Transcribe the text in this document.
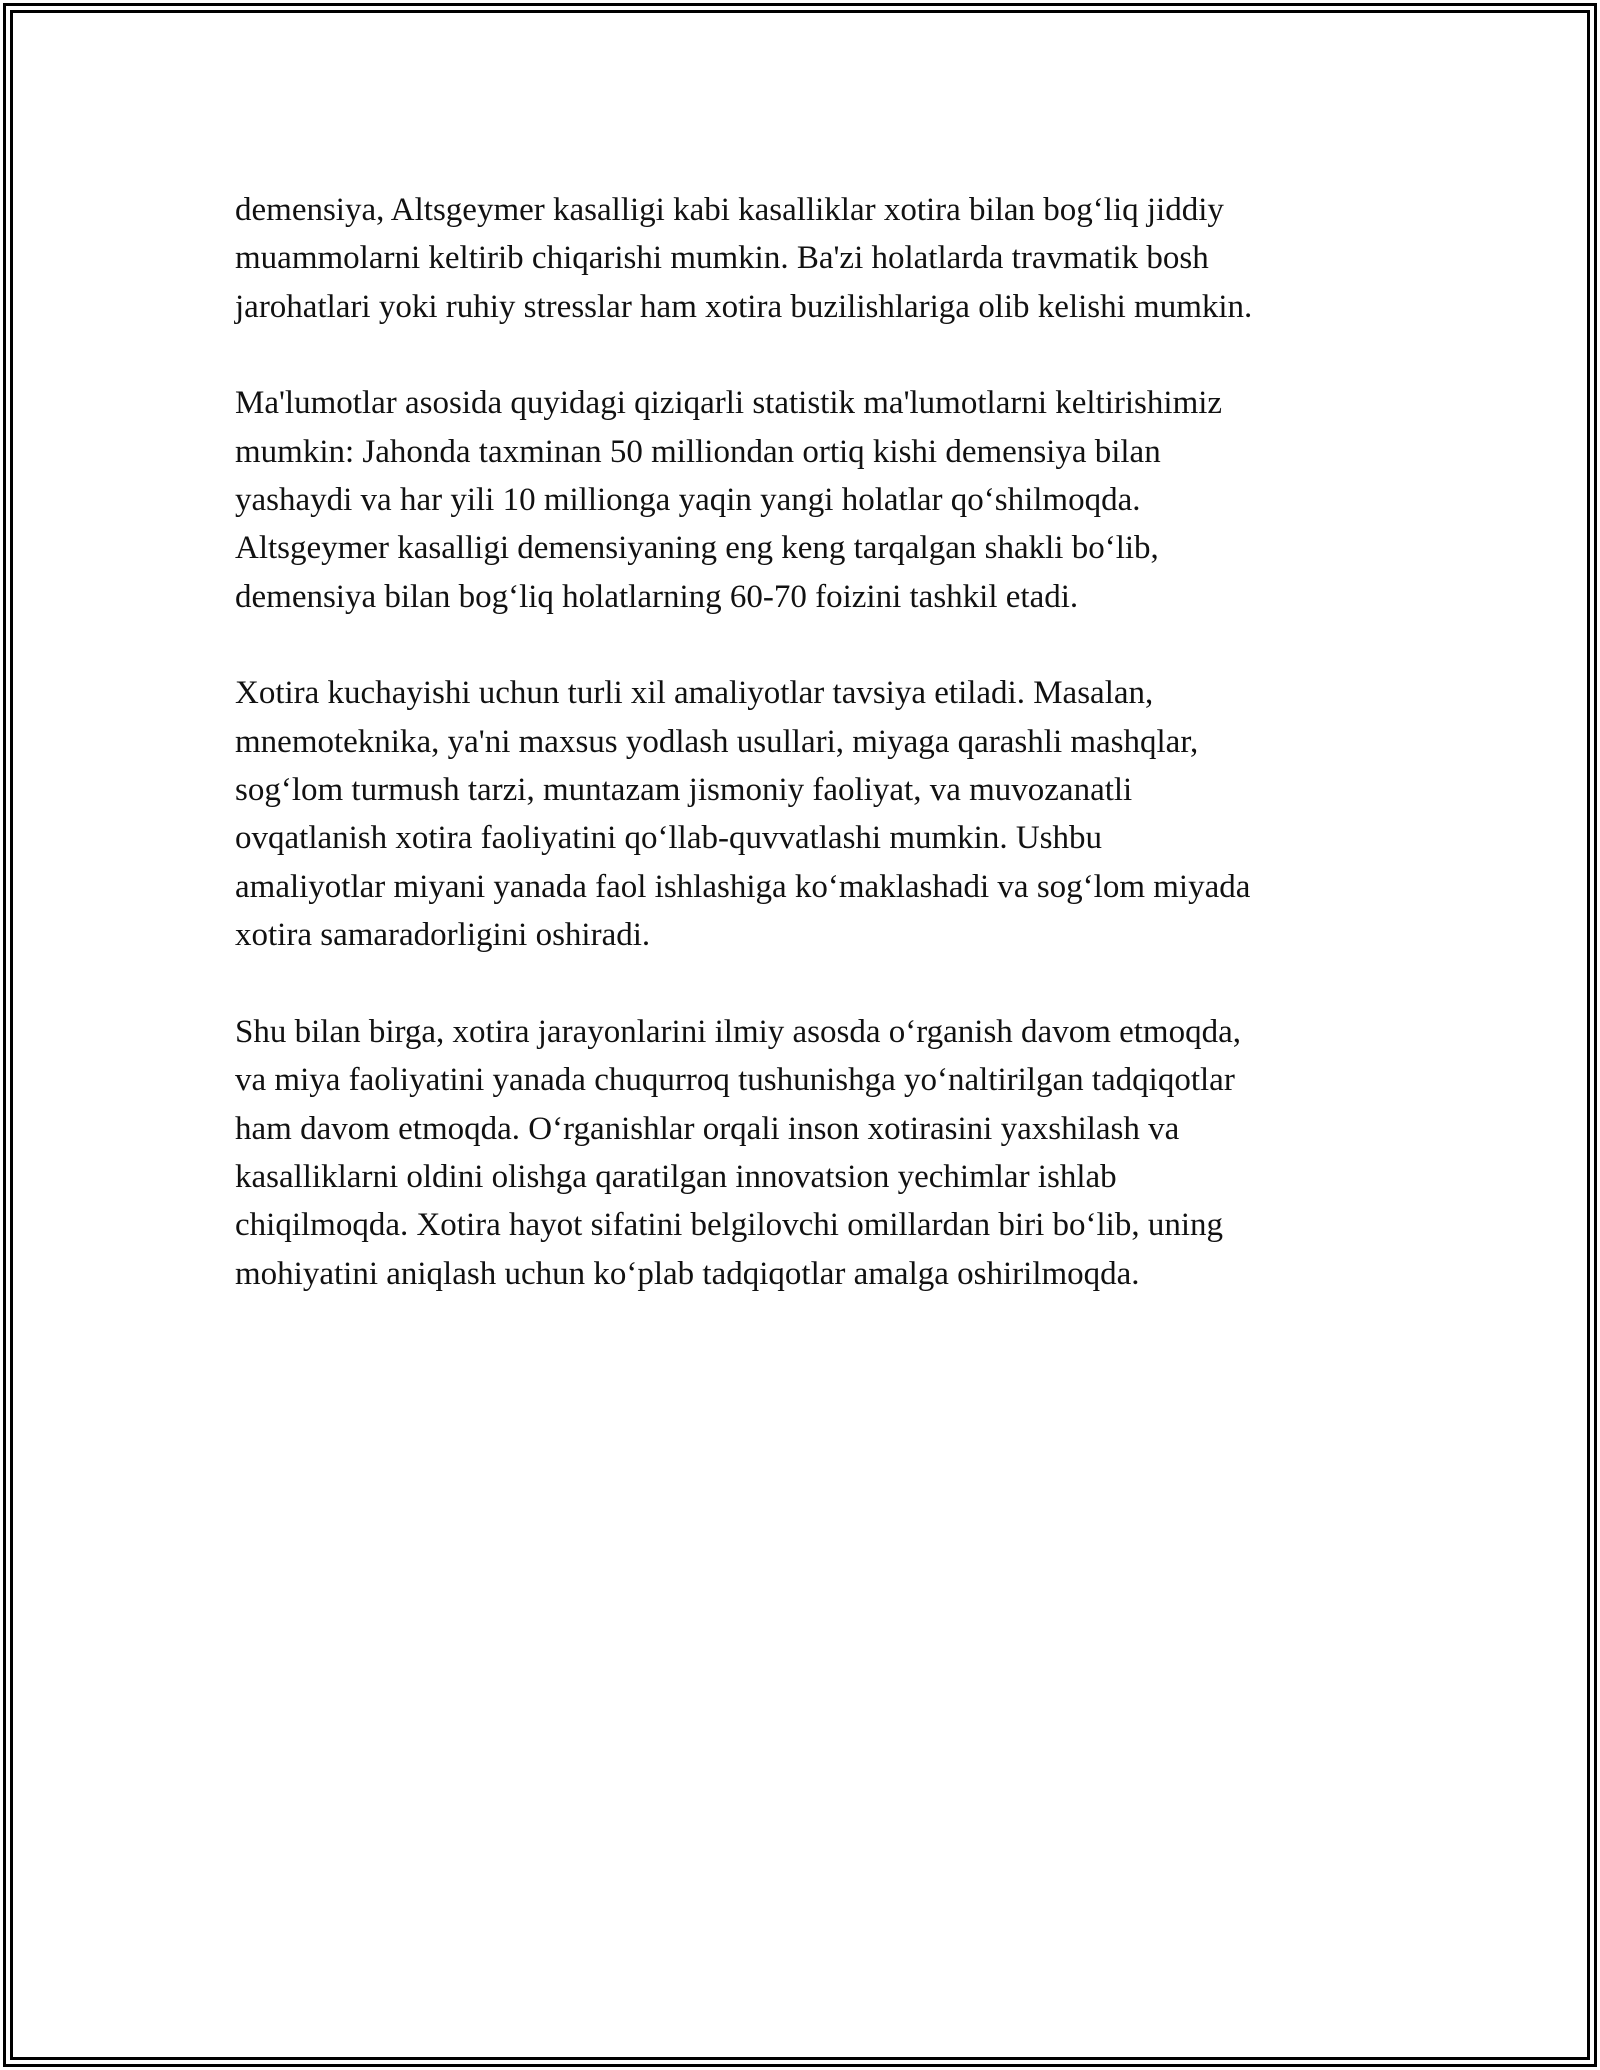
demensiya, Altsgeymer kasalligi kabi kasalliklar xotira bilan bog‘liq jiddiy
muammolarni keltirib chiqarishi mumkin. Ba'zi holatlarda travmatik bosh
jarohatlari yoki ruhiy stresslar ham xotira buzilishlariga olib kelishi mumkin.

Ma'lumotlar asosida quyidagi qiziqarli statistik ma'lumotlarni keltirishimiz
mumkin: Jahonda taxminan 50 milliondan ortiq kishi demensiya bilan
yashaydi va har yili 10 millionga yaqin yangi holatlar qo‘shilmoqda.
Altsgeymer kasalligi demensiyaning eng keng tarqalgan shakli bo‘lib,
demensiya bilan bog‘liq holatlarning 60-70 foizini tashkil etadi.

Xotira kuchayishi uchun turli xil amaliyotlar tavsiya etiladi. Masalan,
mnemoteknika, ya'ni maxsus yodlash usullari, miyaga qarashli mashqlar,
sog‘lom turmush tarzi, muntazam jismoniy faoliyat, va muvozanatli
ovqatlanish xotira faoliyatini qo‘llab-quvvatlashi mumkin. Ushbu
amaliyotlar miyani yanada faol ishlashiga ko‘maklashadi va sog‘lom miyada
xotira samaradorligini oshiradi.

Shu bilan birga, xotira jarayonlarini ilmiy asosda o‘rganish davom etmoqda,
va miya faoliyatini yanada chuqurroq tushunishga yo‘naltirilgan tadqiqotlar
ham davom etmoqda. O‘rganishlar orqali inson xotirasini yaxshilash va
kasalliklarni oldini olishga qaratilgan innovatsion yechimlar ishlab
chiqilmoqda. Xotira hayot sifatini belgilovchi omillardan biri bo‘lib, uning
mohiyatini aniqlash uchun ko‘plab tadqiqotlar amalga oshirilmoqda.
